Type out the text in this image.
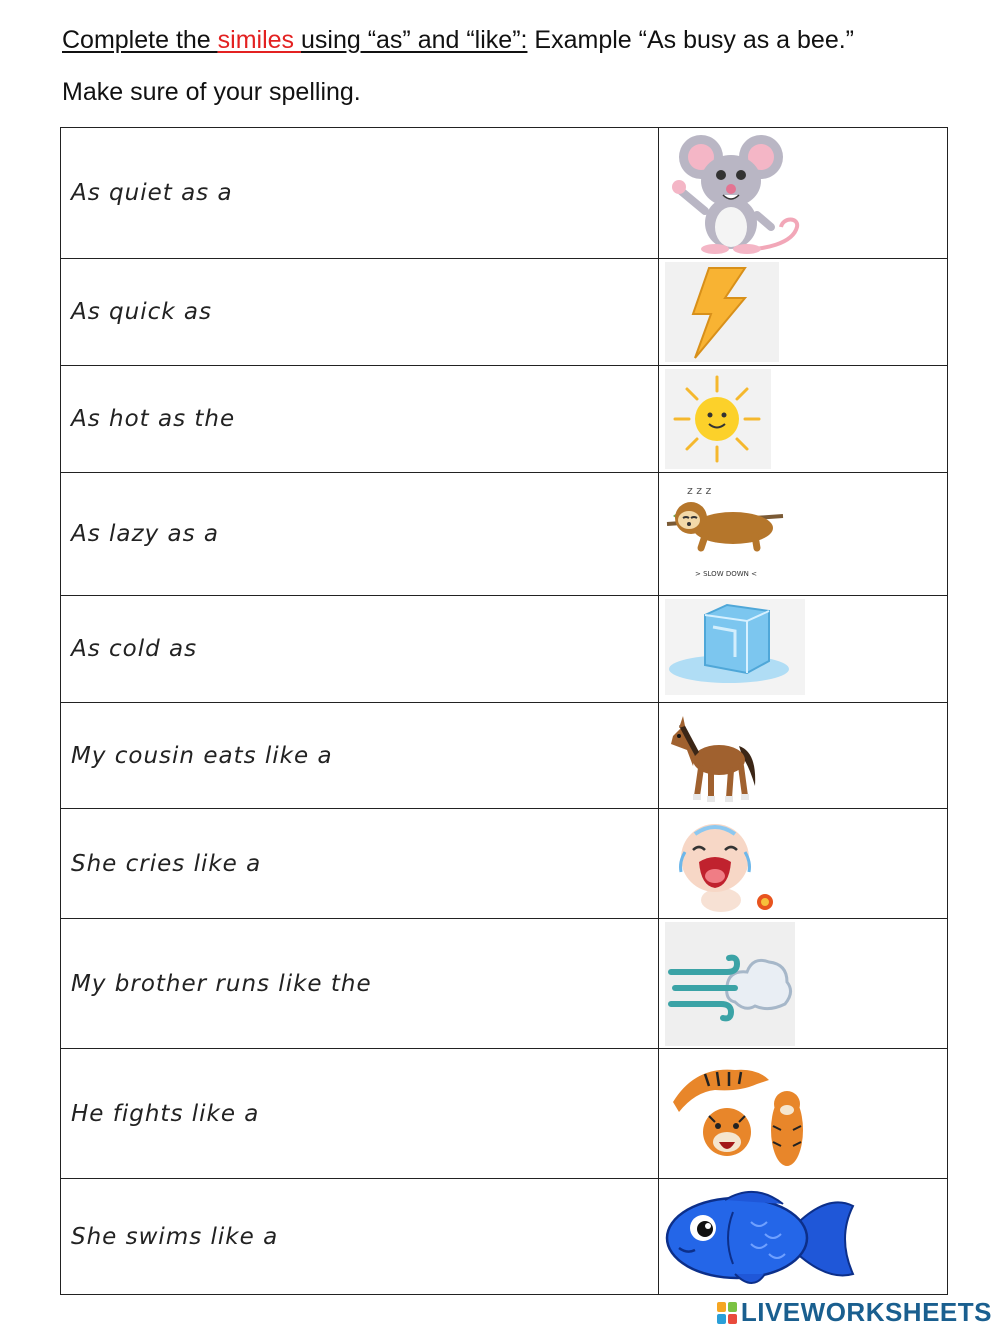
Complete the similes using “as” and “like”: Example “As busy as a bee.”
Make sure of your spelling.
As quiet as a	

As quick as	

As hot as the	

As lazy as a	z z z
> SLOW DOWN <

As cold as	

My cousin eats like a	

She cries like a	

My brother runs like the	

He fights like a	

She swims like a	
LIVEWORKSHEETS
